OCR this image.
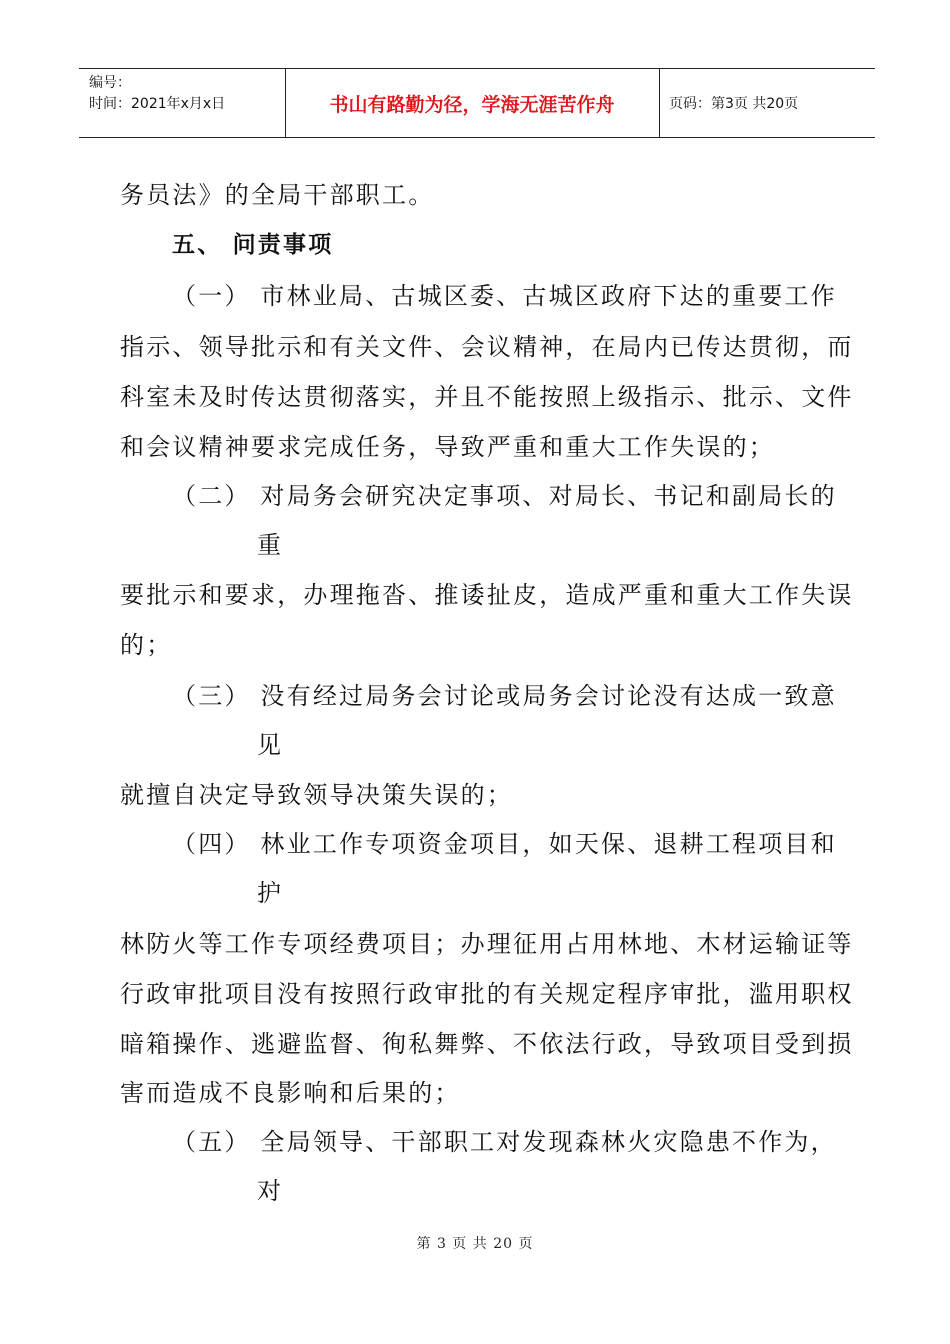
编号：
时间：2021年x月x日	书山有路勤为径，学海无涯苦作舟	页码：第3页 共20页
务员法》的全局干部职工。
五、 问责事项
（一） 市林业局、古城区委、古城区政府下达的重要工作
指示、领导批示和有关文件、会议精神，在局内已传达贯彻，而
科室未及时传达贯彻落实，并且不能按照上级指示、批示、文件
和会议精神要求完成任务，导致严重和重大工作失误的；
（二） 对局务会研究决定事项、对局长、书记和副局长的
重
要批示和要求，办理拖沓、推诿扯皮，造成严重和重大工作失误
的；
（三） 没有经过局务会讨论或局务会讨论没有达成一致意
见
就擅自决定导致领导决策失误的；
（四） 林业工作专项资金项目，如天保、退耕工程项目和
护
林防火等工作专项经费项目；办理征用占用林地、木材运输证等
行政审批项目没有按照行政审批的有关规定程序审批，滥用职权
暗箱操作、逃避监督、徇私舞弊、不依法行政，导致项目受到损
害而造成不良影响和后果的；
（五） 全局领导、干部职工对发现森林火灾隐患不作为，
对
第 3 页 共 20 页
